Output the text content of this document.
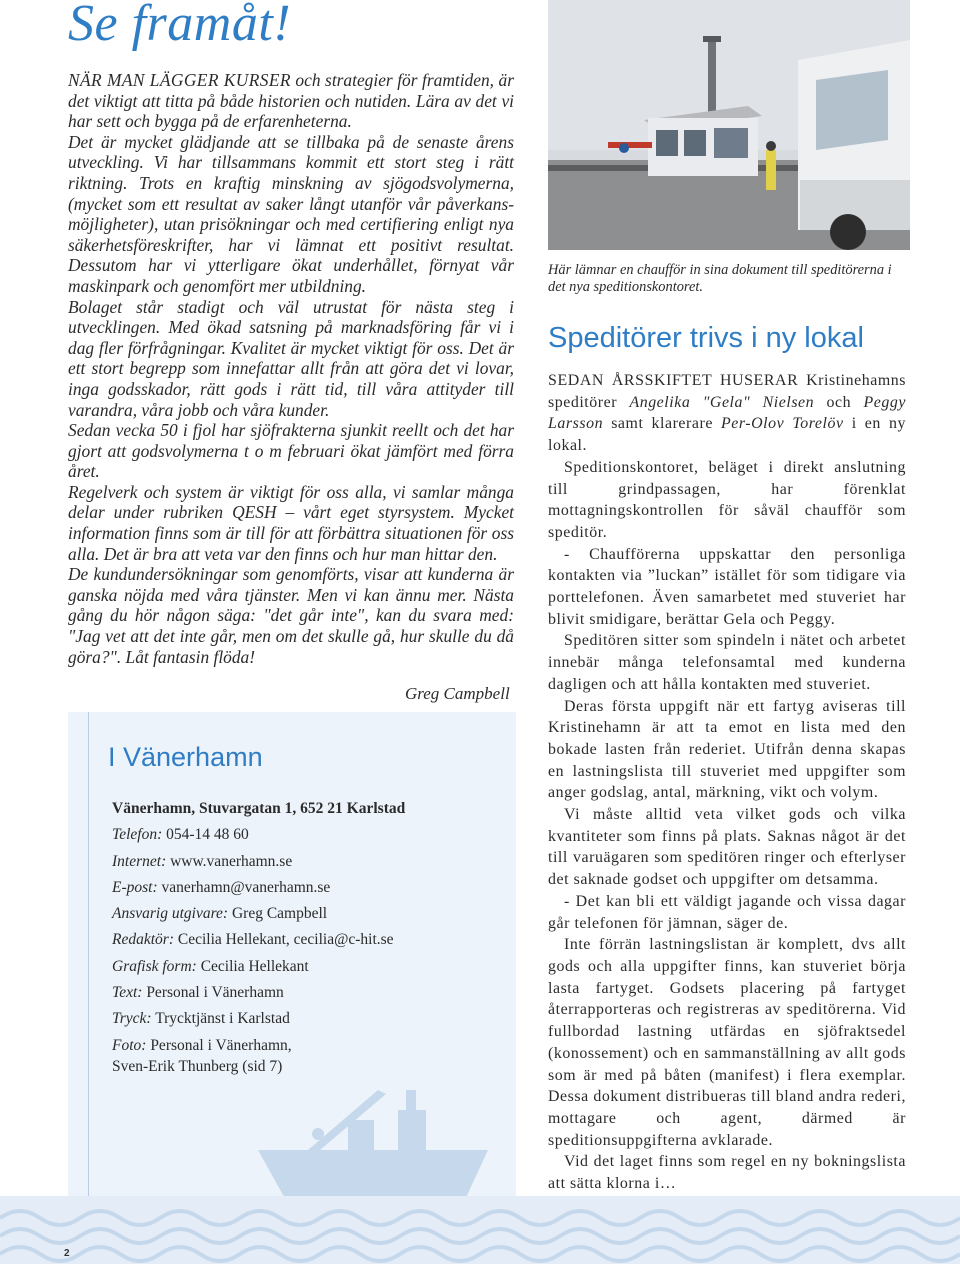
Se framåt!

NÄR MAN LÄGGER KURSER och strategier för framtiden, är det viktigt att titta på både historien och nutiden. Lära av det vi har sett och bygga på de erfarenheterna.

Det är mycket glädjande att se tillbaka på de senaste årens utveckling. Vi har tillsammans kommit ett stort steg i rätt riktning. Trots en kraftig minskning av sjögodsvolymerna, (mycket som ett resultat av saker långt utanför vår påverkans-möjligheter), utan prisökningar och med certifiering enligt nya säkerhetsföreskrifter, har vi lämnat ett positivt resultat. Dessutom har vi ytterligare ökat underhållet, förnyat vår maskinpark och genomfört mer utbildning.

Bolaget står stadigt och väl utrustat för nästa steg i utvecklingen. Med ökad satsning på marknadsföring får vi i dag fler förfrågningar. Kvalitet är mycket viktigt för oss. Det är ett stort begrepp som innefattar allt från att göra det vi lovar, inga godsskador, rätt gods i rätt tid, till våra attityder till varandra, våra jobb och våra kunder.

Sedan vecka 50 i fjol har sjöfrakterna sjunkit reellt och det har gjort att godsvolymerna t o m februari ökat jämfört med förra året.

Regelverk och system är viktigt för oss alla, vi samlar många delar under rubriken QESH – vårt eget styrsystem. Mycket information finns som är till för att förbättra situationen för oss alla. Det är bra att veta var den finns och hur man hittar den.

De kundundersökningar som genomförts, visar att kunderna är ganska nöjda med våra tjänster. Men vi kan ännu mer. Nästa gång du hör någon säga: "det går inte", kan du svara med: "Jag vet att det inte går, men om det skulle gå, hur skulle du då göra?". Låt fantasin flöda!

Greg Campbell
I Vänerhamn
Vänerhamn, Stuvargatan 1, 652 21 Karlstad
Telefon: 054-14 48 60
Internet: www.vanerhamn.se
E-post: vanerhamn@vanerhamn.se
Ansvarig utgivare: Greg Campbell
Redaktör: Cecilia Hellekant, cecilia@c-hit.se
Grafisk form: Cecilia Hellekant
Text: Personal i Vänerhamn
Tryck: Trycktjänst i Karlstad
Foto: Personal i Vänerhamn,
Sven-Erik Thunberg (sid 7)
Här lämnar en chaufför in sina dokument till speditörerna i det nya speditionskontoret.
Speditörer trivs i ny lokal

SEDAN ÅRSSKIFTET HUSERAR Kristinehamns speditörer Angelika "Gela" Nielsen och Peggy Larsson samt klarerare Per-Olov Torelöv i en ny lokal.

Speditionskontoret, beläget i direkt anslutning till grindpassagen, har förenklat mottagningskontrollen för såväl chaufför som speditör.

- Chaufförerna uppskattar den personliga kontakten via ”luckan” istället för som tidigare via porttelefonen. Även samarbetet med stuveriet har blivit smidigare, berättar Gela och Peggy.

Speditören sitter som spindeln i nätet och arbetet innebär många telefonsamtal med kunderna dagligen och att hålla kontakten med stuveriet.

Deras första uppgift när ett fartyg aviseras till Kristinehamn är att ta emot en lista med den bokade lasten från rederiet. Utifrån denna skapas en lastningslista till stuveriet med uppgifter som anger godslag, antal, märkning, vikt och volym.

Vi måste alltid veta vilket gods och vilka kvantiteter som finns på plats. Saknas något är det till varuägaren som speditören ringer och efterlyser det saknade godset och uppgifter om detsamma.

- Det kan bli ett väldigt jagande och vissa dagar går telefonen för jämnan, säger de.

Inte förrän lastningslistan är komplett, dvs allt gods och alla uppgifter finns, kan stuveriet börja lasta fartyget. Godsets placering på fartyget återrapporteras och registreras av speditörerna. Vid fullbordad lastning utfärdas en sjöfraktsedel (konossement) och en sammanställning av allt gods som är med på båten (manifest) i flera exemplar. Dessa dokument distribueras till bland andra rederi, mottagare och agent, därmed är speditionsuppgifterna avklarade.

Vid det laget finns som regel en ny bokningslista att sätta klorna i…

2
